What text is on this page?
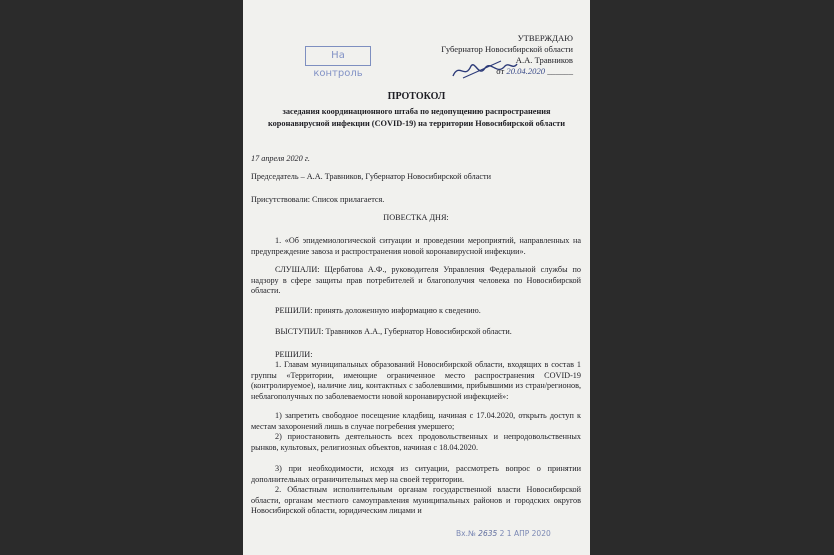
На контроль
УТВЕРЖДАЮ
Губернатор Новосибирской области
А.А. Травников
от 20.04.2020 ______
ПРОТОКОЛ
заседания координационного штаба по недопущению распространения коронавирусной инфекции (COVID-19) на территории Новосибирской области
17 апреля 2020 г.
Председатель – А.А. Травников, Губернатор Новосибирской области
Присутствовали: Список прилагается.
ПОВЕСТКА ДНЯ:
1. «Об эпидемиологической ситуации и проведении мероприятий, направленных на предупреждение завоза и распространения новой коронавирусной инфекции».
СЛУШАЛИ: Щербатова А.Ф., руководителя Управления Федеральной службы по надзору в сфере защиты прав потребителей и благополучия человека по Новосибирской области.
РЕШИЛИ: принять доложенную информацию к сведению.
ВЫСТУПИЛ: Травников А.А., Губернатор Новосибирской области.
РЕШИЛИ:
1. Главам муниципальных образований Новосибирской области, входящих в состав 1 группы «Территории, имеющие ограниченное место распространения COVID-19 (контролируемое), наличие лиц, контактных с заболевшими, прибывшими из стран/регионов, неблагополучных по заболеваемости новой коронавирусной инфекцией»:
1) запретить свободное посещение кладбищ, начиная с 17.04.2020, открыть доступ к местам захоронений лишь в случае погребения умершего;
2) приостановить деятельность всех продовольственных и непродовольственных рынков, культовых, религиозных объектов, начиная с 18.04.2020.
3) при необходимости, исходя из ситуации, рассмотреть вопрос о принятии дополнительных ограничительных мер на своей территории.
2. Областным исполнительным органам государственной власти Новосибирской области, органам местного самоуправления муниципальных районов и городских округов Новосибирской области, юридическим лицами и
Вх.№ 2635 2 1 АПР 2020
